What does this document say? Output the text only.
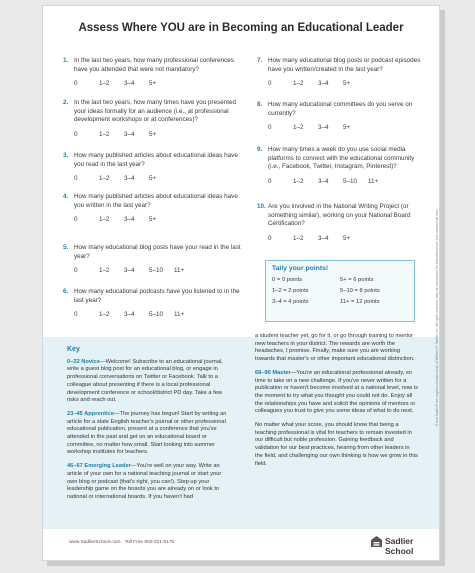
Assess Where YOU are in Becoming an Educational Leader
1. In the last two years, how many professional conferences have you attended that were not mandatory?
0	1–2	3–4	5+
2. In the last two years, how many times have you presented your ideas formally for an audience (i.e., at professional development workshops or at conferences)?
0	1–2	3–4	5+
3. How many published articles about educational ideas have you read in the last year?
0	1–2	3–4	5+
4. How many published articles about educational ideas have you written in the last year?
0	1–2	3–4	5+
5. How many educational blog posts have your read in the last year?
0	1–2	3–4	5–10	11+
6. How many educational podcasts have you listened to in the last year?
0	1–2	3–4	5–10	11+
7. How many educational blog posts or podcast episodes have you written/created in the last year?
0	1–2	3–4	5+
8. How many educational committees do you serve on currently?
0	1–2	3–4	5+
9. How many times a week do you use social media platforms to connect with the educational community (i.e., Facebook, Twitter, Instagram, Pinterest)?
0	1–2	3–4	5–10	11+
10. Are you involved in the National Writing Project (or something similar), working on your National Board Certification?
0	1–2	3–4	5+
Tally your points!
0 = 0 points	5+ = 6 points
1–2 = 2 points	5–10 = 8 points
3–4 = 4 points	11+ = 12 points
Key

0–22 Novice—Welcome! Subscribe to an educational journal, write a guest blog post for an educational blog, or engage in professional conversations on Twitter or Facebook. Talk to a colleague about presenting if there is a local professional development conference or school/district PD day. Take a few risks and reach out.

23–45 Apprentice—The journey has begun! Start by writing an article for a state English teacher's journal or other professional educational publication, present at a conference that you've attended in the past and get on an educational board or committee, no matter how small. Start looking into summer workshop institutes for teachers.

46–67 Emerging Leader—You're well on your way. Write an article of your own for a national teaching journal or start your own blog or podcast (that's right, you can!). Step up your leadership game on the boards you are already on or look to national or international boards. If you haven't had

a student teacher yet, go for it, or go through training to mentor new teachers in your district. The rewards are worth the headaches, I promise. Finally, make sure you are working towards that master's or other important educational distinction.

68–90 Master—You're an educational professional already, so time to take on a new challenge. If you've never written for a publication or haven't become involved at a national level, now is the moment to try what you thought you could not do. Enjoy all the relationships you have and solicit the opinions of mentors or colleagues you trust to give you some ideas of what to do next.

No matter what your score, you should know that being a teaching professional is vital for teachers to remain invested in our difficult but noble profession. Gaining feedback and validation for our best practices, hearing from other leaders in the field, and challenging our own thinking is how we grow in this field.

www.SadlierSchool.com · Toll Free 800-221-5175	Sadlier School
® and Sadlier® are registered trademarks of William H. Sadlier, Inc. All rights reserved. May be reproduced for educational use (not commercial use).
